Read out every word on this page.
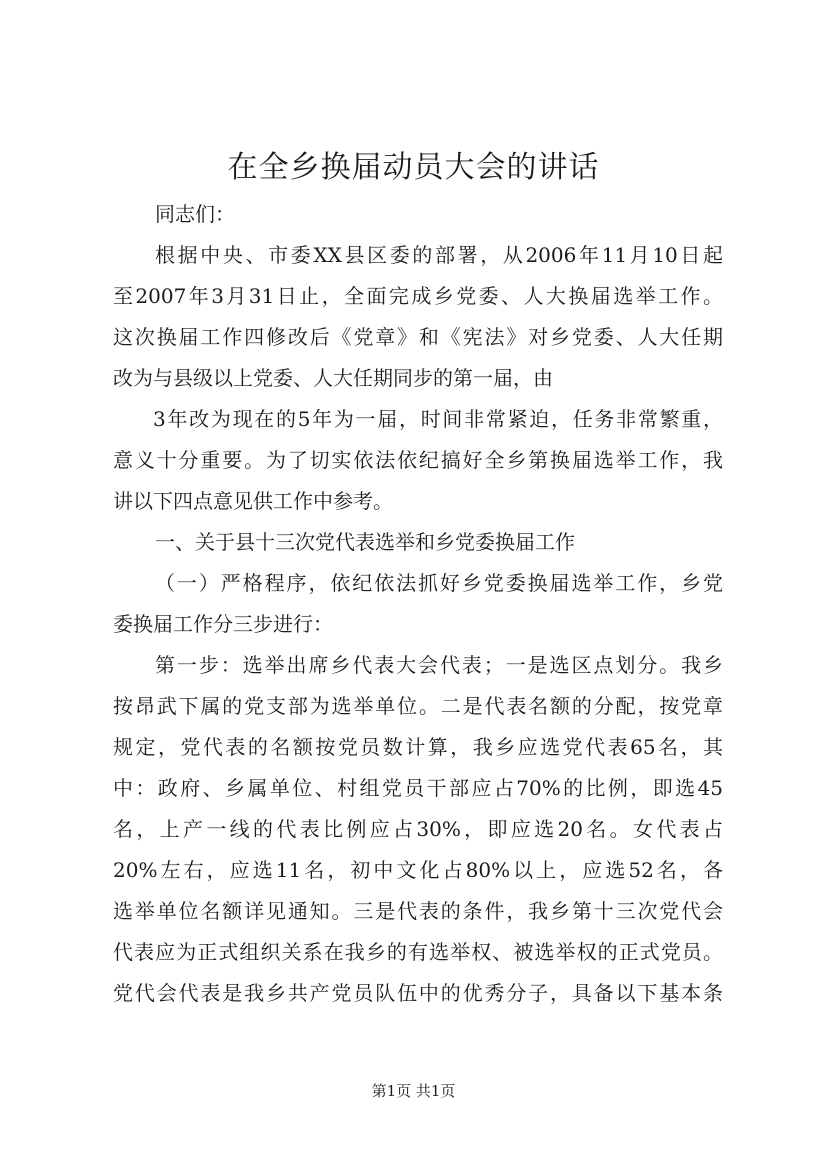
在全乡换届动员大会的讲话
同志们：
根据中央、市委XX县区委的部署，从2006年11月10日起
至2007年3月31日止，全面完成乡党委、人大换届选举工作。
这次换届工作四修改后《党章》和《宪法》对乡党委、人大任期
改为与县级以上党委、人大任期同步的第一届，由
3年改为现在的5年为一届，时间非常紧迫，任务非常繁重，
意义十分重要。为了切实依法依纪搞好全乡第换届选举工作，我
讲以下四点意见供工作中参考。
一、关于县十三次党代表选举和乡党委换届工作
（一）严格程序，依纪依法抓好乡党委换届选举工作，乡党
委换届工作分三步进行：
第一步：选举出席乡代表大会代表；一是选区点划分。我乡
按昂武下属的党支部为选举单位。二是代表名额的分配，按党章
规定，党代表的名额按党员数计算，我乡应选党代表65名，其
中：政府、乡属单位、村组党员干部应占70%的比例，即选45
名，上产一线的代表比例应占30%，即应选20名。女代表占
20%左右，应选11名，初中文化占80%以上，应选52名，各
选举单位名额详见通知。三是代表的条件，我乡第十三次党代会
代表应为正式组织关系在我乡的有选举权、被选举权的正式党员。
党代会代表是我乡共产党员队伍中的优秀分子，具备以下基本条
第1页 共1页
